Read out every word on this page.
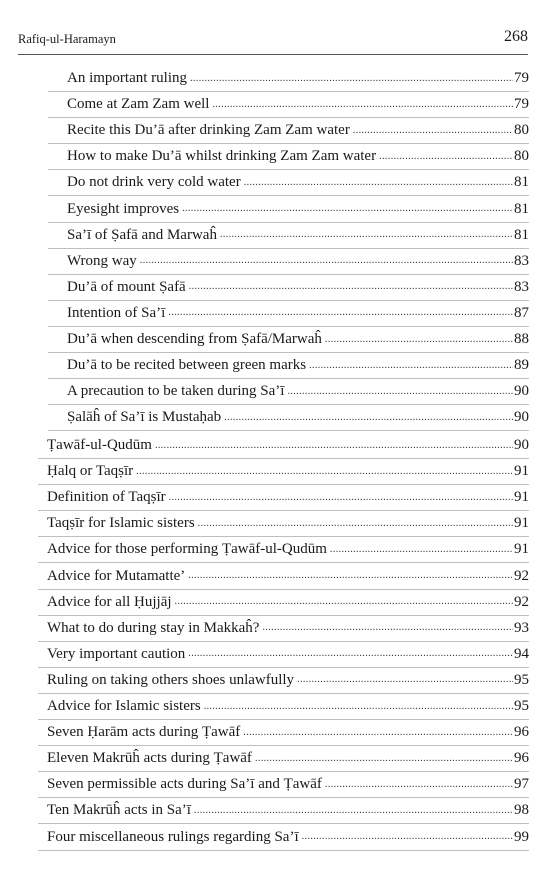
Rafiq-ul-Haramayn	268
An important ruling .....	79
Come at Zam Zam well .....	79
Recite this Du’ā after drinking Zam Zam water .....	80
How to make Du’ā whilst drinking Zam Zam water .....	80
Do not drink very cold water .....	81
Eyesight improves .....	81
Sa’ī of Ṣafā and Marwaĥ .....	81
Wrong way .....	83
Du’ā of mount Ṣafā .....	83
Intention of Sa’ī .....	87
Du’ā when descending from Ṣafā/Marwaĥ .....	88
Du’ā to be recited between green marks .....	89
A precaution to be taken during Sa’ī .....	90
Ṣalāĥ of Sa’ī is Mustaḥab .....	90
Ṭawāf-ul-Qudūm .....	90
Ḥalq or Taqṣīr .....	91
Definition of Taqṣīr .....	91
Taqṣīr for Islamic sisters .....	91
Advice for those performing Ṭawāf-ul-Qudūm .....	91
Advice for Mutamatte’ .....	92
Advice for all Ḥujjāj .....	92
What to do during stay in Makkaĥ? .....	93
Very important caution .....	94
Ruling on taking others shoes unlawfully .....	95
Advice for Islamic sisters .....	95
Seven Ḥarām acts during Ṭawāf .....	96
Eleven Makrūĥ acts during Ṭawāf .....	96
Seven permissible acts during Sa’ī and Ṭawāf .....	97
Ten Makrūĥ acts in Sa’ī .....	98
Four miscellaneous rulings regarding Sa’ī .....	99
